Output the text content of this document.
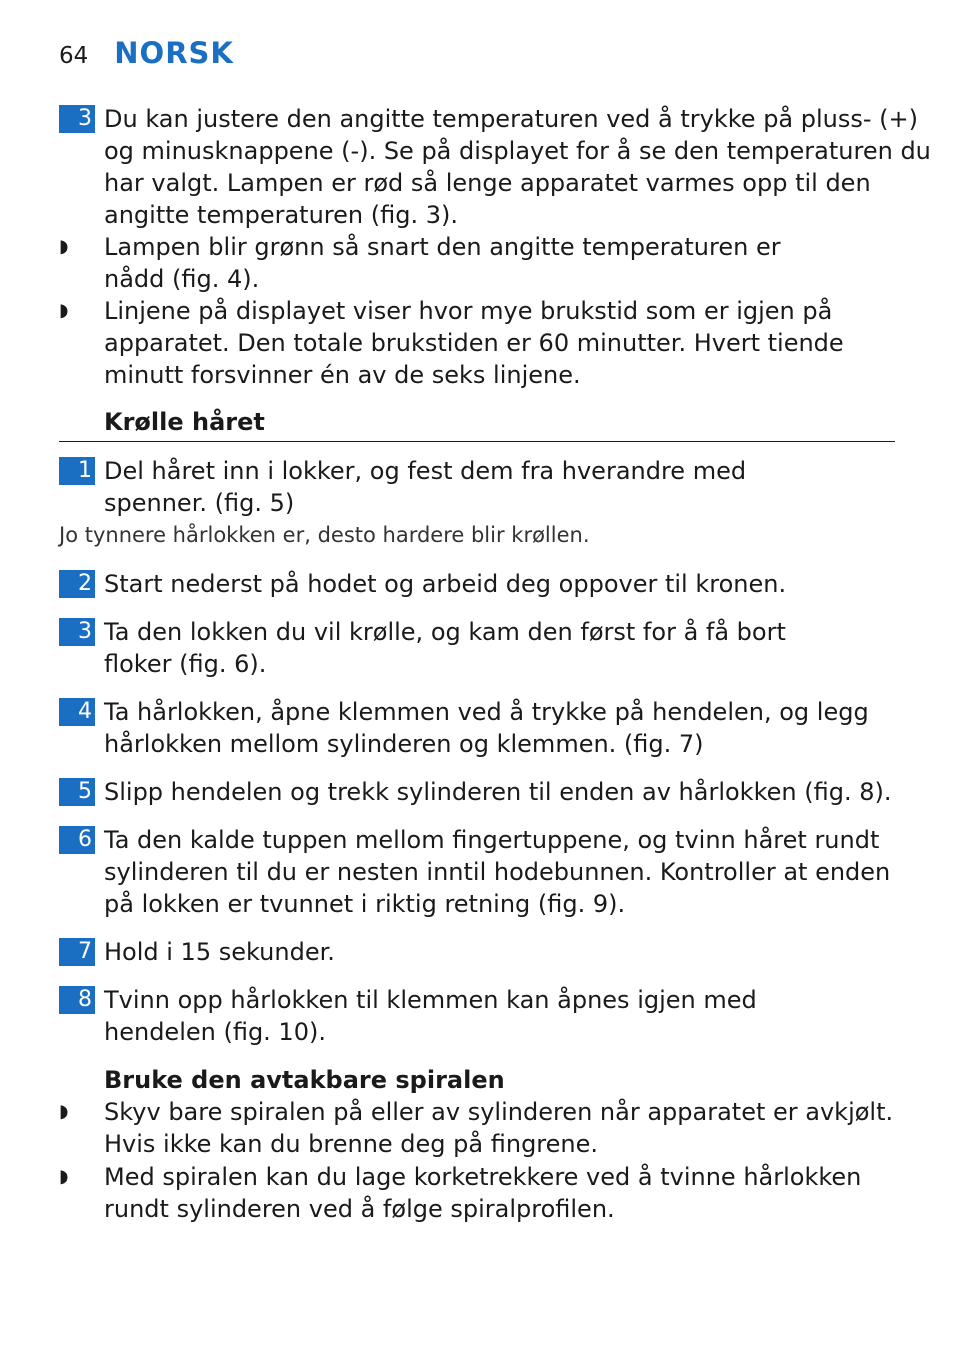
64 NORSK
3 Du kan justere den angitte temperaturen ved å trykke på pluss- (+)
og minusknappene (-). Se på displayet for å se den temperaturen du
har valgt. Lampen er rød så lenge apparatet varmes opp til den
angitte temperaturen (fig. 3).
◗ Lampen blir grønn så snart den angitte temperaturen er
nådd (fig. 4).
◗ Linjene på displayet viser hvor mye brukstid som er igjen på
apparatet. Den totale brukstiden er 60 minutter. Hvert tiende
minutt forsvinner én av de seks linjene.
Krølle håret
1 Del håret inn i lokker, og fest dem fra hverandre med
spenner. (fig. 5)
Jo tynnere hårlokken er, desto hardere blir krøllen.
2 Start nederst på hodet og arbeid deg oppover til kronen.
3 Ta den lokken du vil krølle, og kam den først for å få bort
floker (fig. 6).
4 Ta hårlokken, åpne klemmen ved å trykke på hendelen, og legg
hårlokken mellom sylinderen og klemmen. (fig. 7)
5 Slipp hendelen og trekk sylinderen til enden av hårlokken (fig. 8).
6 Ta den kalde tuppen mellom fingertuppene, og tvinn håret rundt
sylinderen til du er nesten inntil hodebunnen. Kontroller at enden
på lokken er tvunnet i riktig retning (fig. 9).
7 Hold i 15 sekunder.
8 Tvinn opp hårlokken til klemmen kan åpnes igjen med
hendelen (fig. 10).
Bruke den avtakbare spiralen
◗ Skyv bare spiralen på eller av sylinderen når apparatet er avkjølt.
Hvis ikke kan du brenne deg på fingrene.
◗ Med spiralen kan du lage korketrekkere ved å tvinne hårlokken
rundt sylinderen ved å følge spiralprofilen.
